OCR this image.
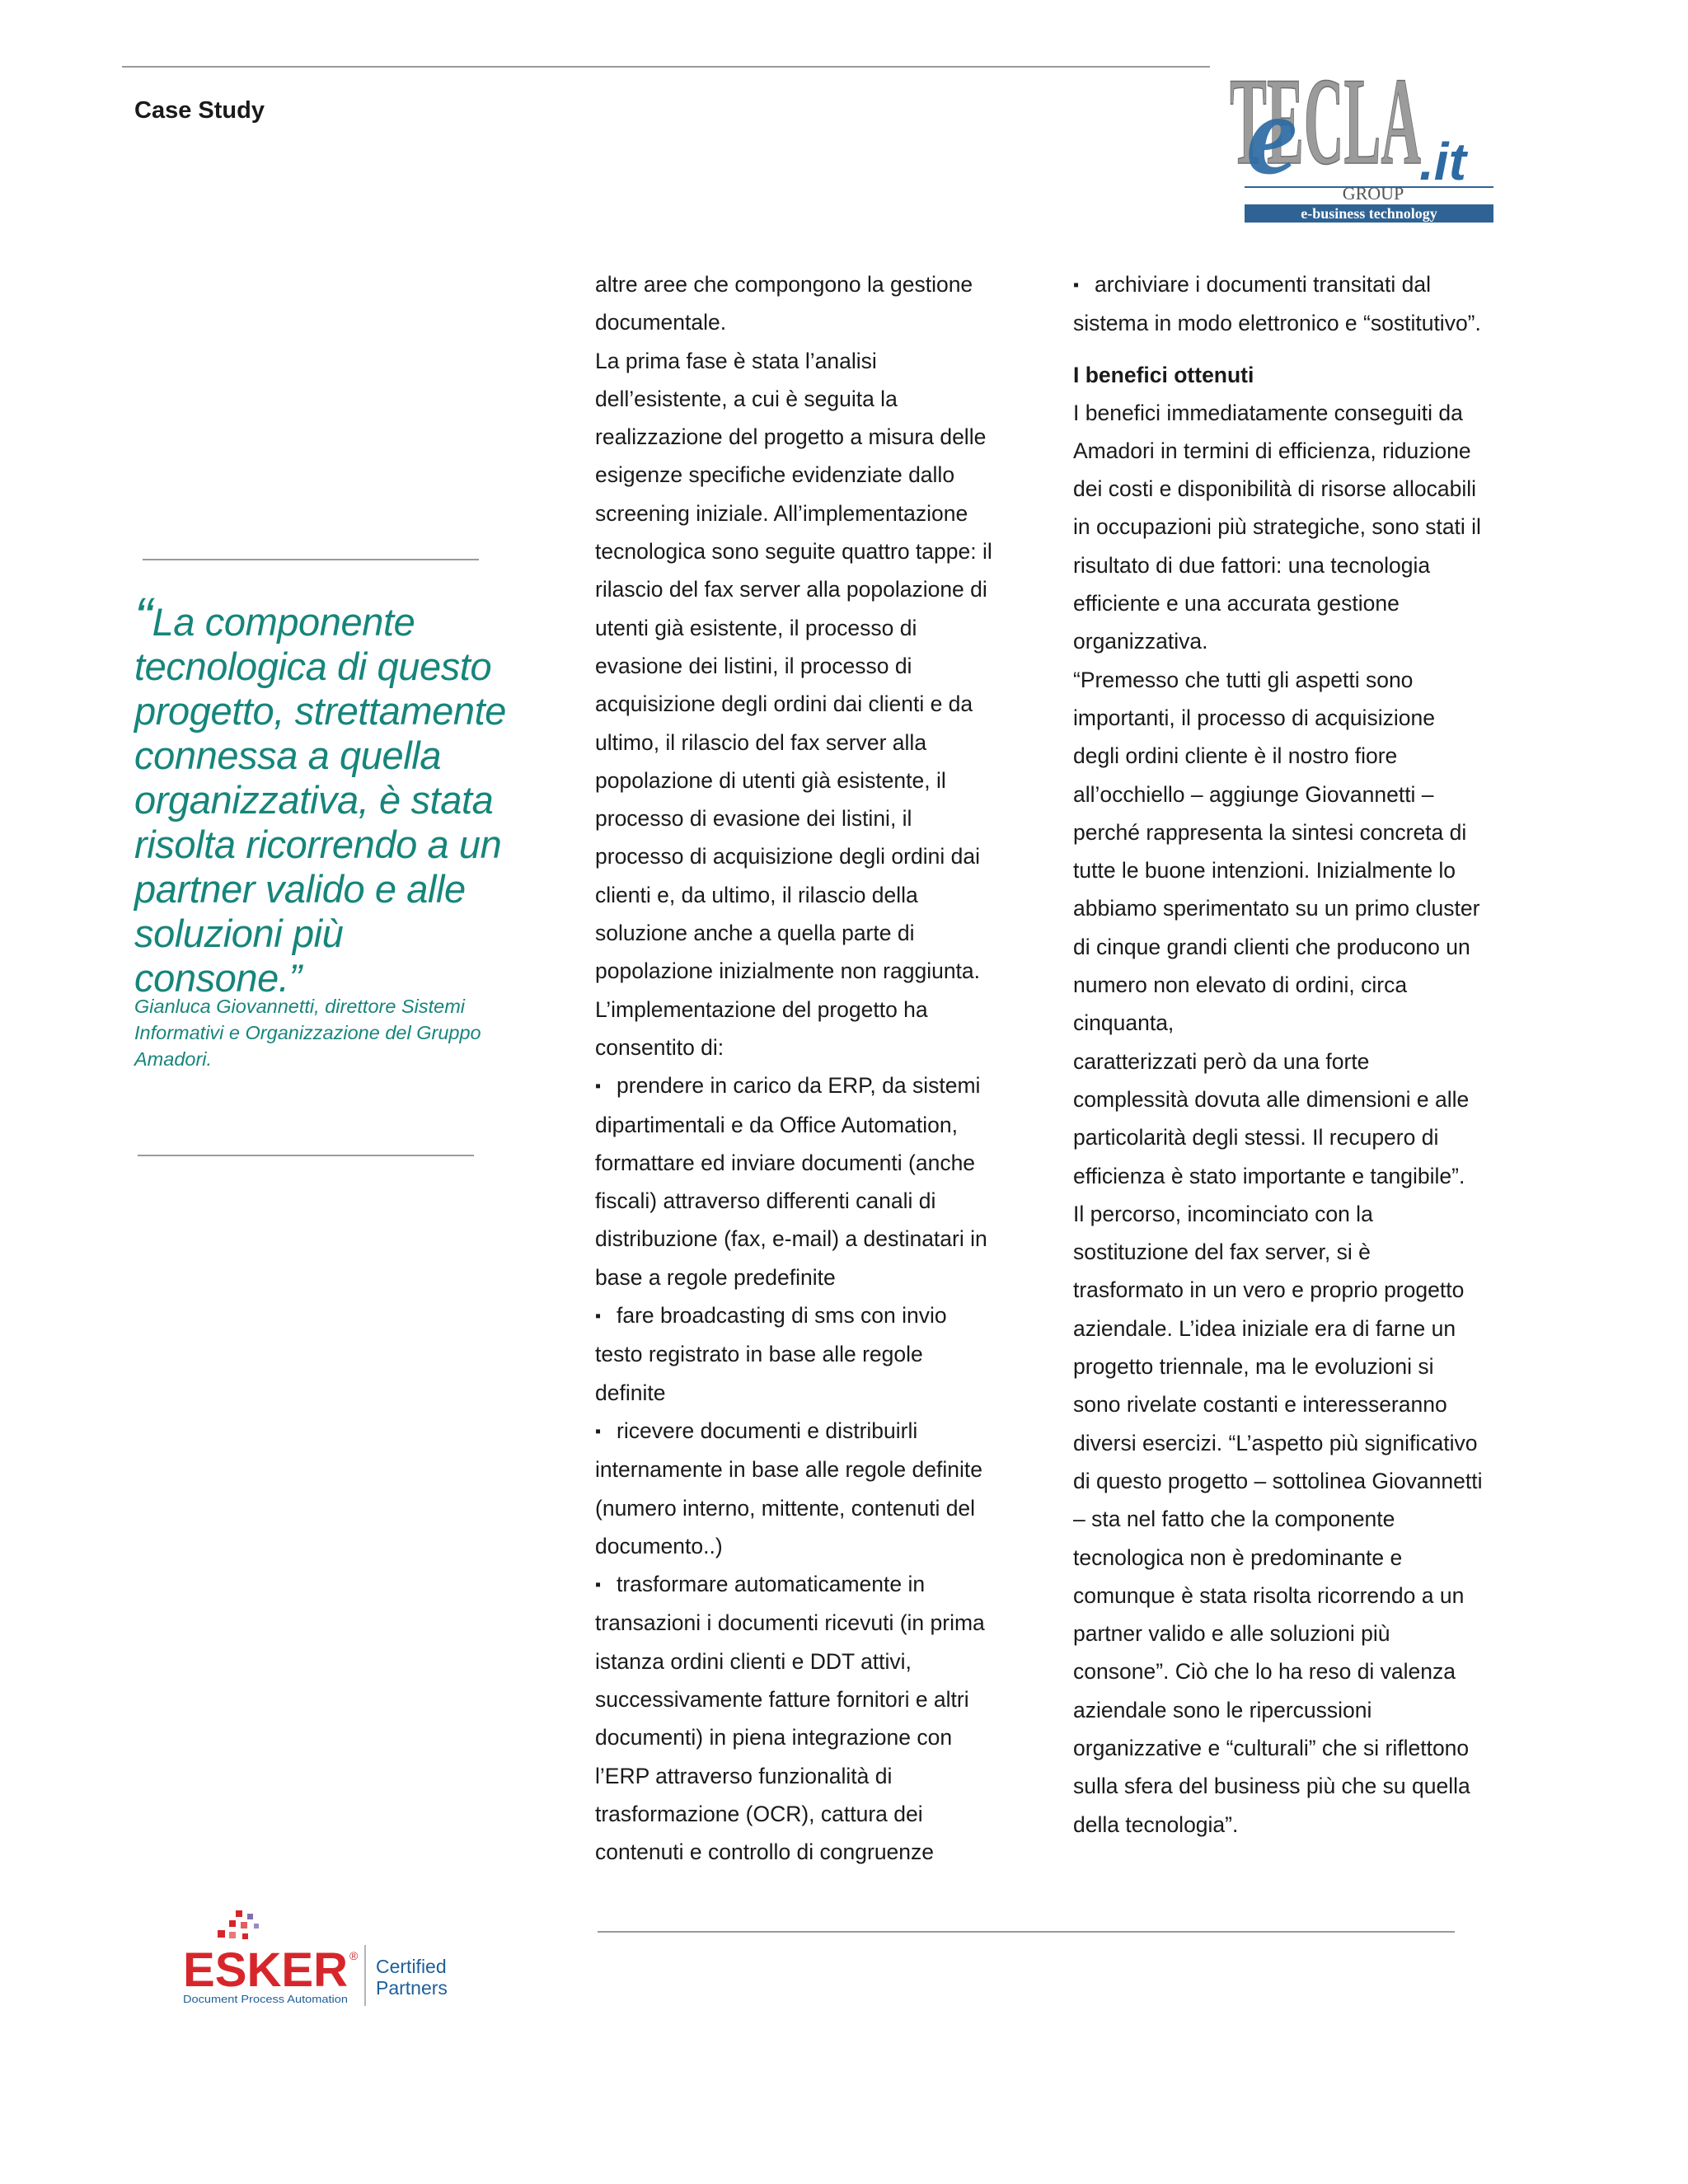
Case Study	TECLA
e .it
GROUP
e-business technology
“La componente tecnologica di questo progetto, strettamente connessa a quella organizzativa, è stata risolta ricorrendo a un partner valido e alle soluzioni più consone.”
Gianluca Giovannetti, direttore Sistemi Informativi e Organizzazione del Gruppo Amadori.

altre aree che compongono la gestione documentale.

La prima fase è stata l’analisi dell’esistente, a cui è seguita la realizzazione del progetto a misura delle esigenze specifiche evidenziate dallo screening iniziale. All’implementazione tecnologica sono seguite quattro tappe: il rilascio del fax server alla popolazione di utenti già esistente, il processo di evasione dei listini, il processo di acquisizione degli ordini dai clienti e da ultimo, il rilascio del fax server alla popolazione di utenti già esistente, il processo di evasione dei listini, il processo di acquisizione degli ordini dai clienti e, da ultimo, il rilascio della soluzione anche a quella parte di popolazione inizialmente non raggiunta.

L’implementazione del progetto ha consentito di:

▪ prendere in carico da ERP, da sistemi dipartimentali e da Office Automation, formattare ed inviare documenti (anche fiscali) attraverso differenti canali di distribuzione (fax, e-mail) a destinatari in base a regole predefinite

▪ fare broadcasting di sms con invio testo registrato in base alle regole definite

▪ ricevere documenti e distribuirli internamente in base alle regole definite (numero interno, mittente, contenuti del documento..)

▪ trasformare automaticamente in transazioni i documenti ricevuti (in prima istanza ordini clienti e DDT attivi, successivamente fatture fornitori e altri documenti) in piena integrazione con l’ERP attraverso funzionalità di trasformazione (OCR), cattura dei contenuti e controllo di congruenze

▪ archiviare i documenti transitati dal sistema in modo elettronico e “sostitutivo”.

I benefici ottenuti

I benefici immediatamente conseguiti da Amadori in termini di efficienza, riduzione dei costi e disponibilità di risorse allocabili in occupazioni più strategiche, sono stati il risultato di due fattori: una tecnologia efficiente e una accurata gestione organizzativa.

“Premesso che tutti gli aspetti sono importanti, il processo di acquisizione degli ordini cliente è il nostro fiore all’occhiello – aggiunge Giovannetti – perché rappresenta la sintesi concreta di tutte le buone intenzioni. Inizialmente lo abbiamo sperimentato su un primo cluster di cinque grandi clienti che producono un numero non elevato di ordini, circa cinquanta,

caratterizzati però da una forte complessità dovuta alle dimensioni e alle particolarità degli stessi. Il recupero di efficienza è stato importante e tangibile”.

Il percorso, incominciato con la sostituzione del fax server, si è trasformato in un vero e proprio progetto aziendale. L’idea iniziale era di farne un progetto triennale, ma le evoluzioni si sono rivelate costanti e interesseranno diversi esercizi. “L’aspetto più significativo di questo progetto – sottolinea Giovannetti – sta nel fatto che la componente tecnologica non è predominante e comunque è stata risolta ricorrendo a un partner valido e alle soluzioni più consone”. Ciò che lo ha reso di valenza aziendale sono le ripercussioni organizzative e “culturali” che si riflettono sulla sfera del business più che su quella della tecnologia”.

ESKER ®
Document Process Automation
Certified
Partners
